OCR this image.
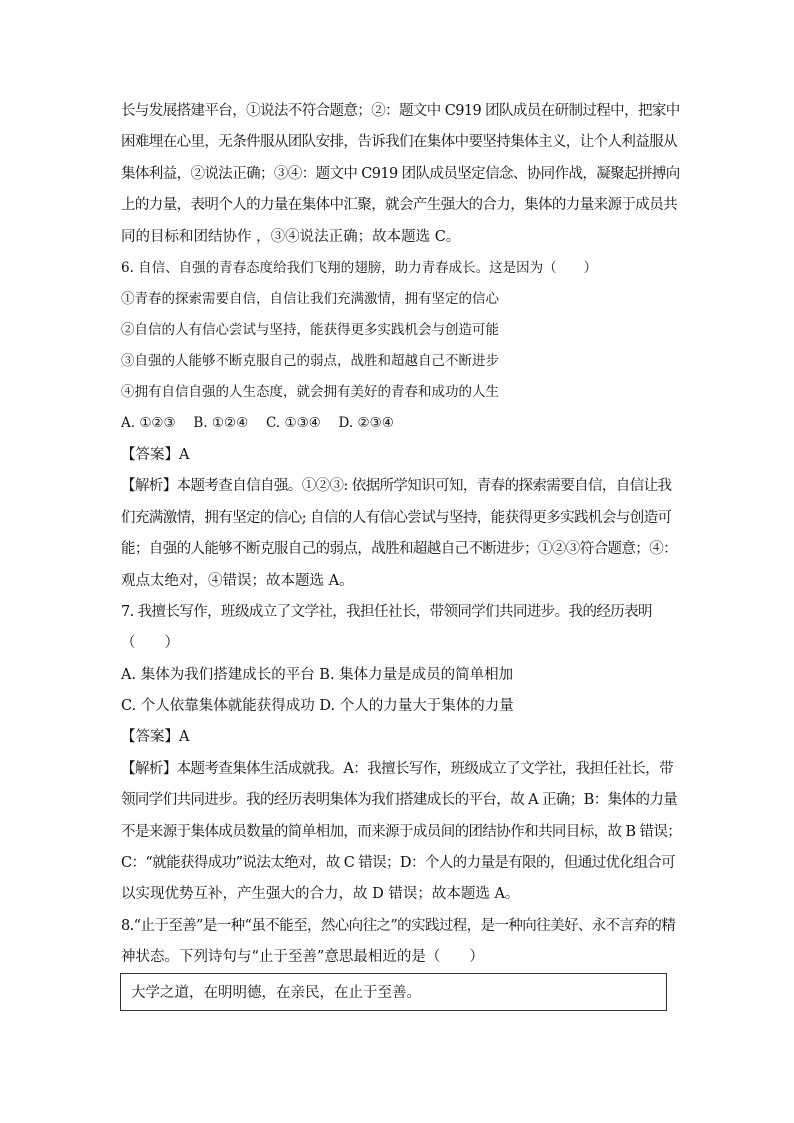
长与发展搭建平台，①说法不符合题意；②：题文中 C919 团队成员在研制过程中，把家中
困难埋在心里，无条件服从团队安排，告诉我们在集体中要坚持集体主义，让个人利益服从
集体利益，②说法正确；③④：题文中 C919 团队成员坚定信念、协同作战，凝聚起拼搏向
上的力量，表明个人的力量在集体中汇聚，就会产生强大的合力，集体的力量来源于成员共
同的目标和团结协作 ，③④说法正确；故本题选 C。
6. 自信、自强的青春态度给我们飞翔的翅膀，助力青春成长。这是因为（　　）
①青春的探索需要自信，自信让我们充满激情，拥有坚定的信心
②自信的人有信心尝试与坚持，能获得更多实践机会与创造可能
③自强的人能够不断克服自己的弱点，战胜和超越自己不断进步
④拥有自信自强的人生态度，就会拥有美好的青春和成功的人生
A. ①②③　 B. ①②④　 C. ①③④　 D. ②③④
【答案】A
【解析】本题考查自信自强。①②③: 依据所学知识可知，青春的探索需要自信，自信让我
们充满激情，拥有坚定的信心; 自信的人有信心尝试与坚持，能获得更多实践机会与创造可
能；自强的人能够不断克服自己的弱点，战胜和超越自己不断进步；①②③符合题意；④：
观点太绝对，④错误；故本题选 A。
7. 我擅长写作，班级成立了文学社，我担任社长，带领同学们共同进步。我的经历表明
（　　）
A. 集体为我们搭建成长的平台 B. 集体力量是成员的简单相加
C. 个人依靠集体就能获得成功 D. 个人的力量大于集体的力量
【答案】A
【解析】本题考查集体生活成就我。A：我擅长写作，班级成立了文学社，我担任社长，带
领同学们共同进步。我的经历表明集体为我们搭建成长的平台，故 A 正确；B：集体的力量
不是来源于集体成员数量的简单相加，而来源于成员间的团结协作和共同目标，故 B 错误；
C：“就能获得成功”说法太绝对，故 C 错误；D：个人的力量是有限的，但通过优化组合可
以实现优势互补，产生强大的合力，故 D 错误；故本题选 A。
8.“止于至善”是一种“虽不能至，然心向往之”的实践过程，是一种向往美好、永不言弃的精
神状态。下列诗句与“止于至善”意思最相近的是（　　）
大学之道，在明明德，在亲民，在止于至善。
